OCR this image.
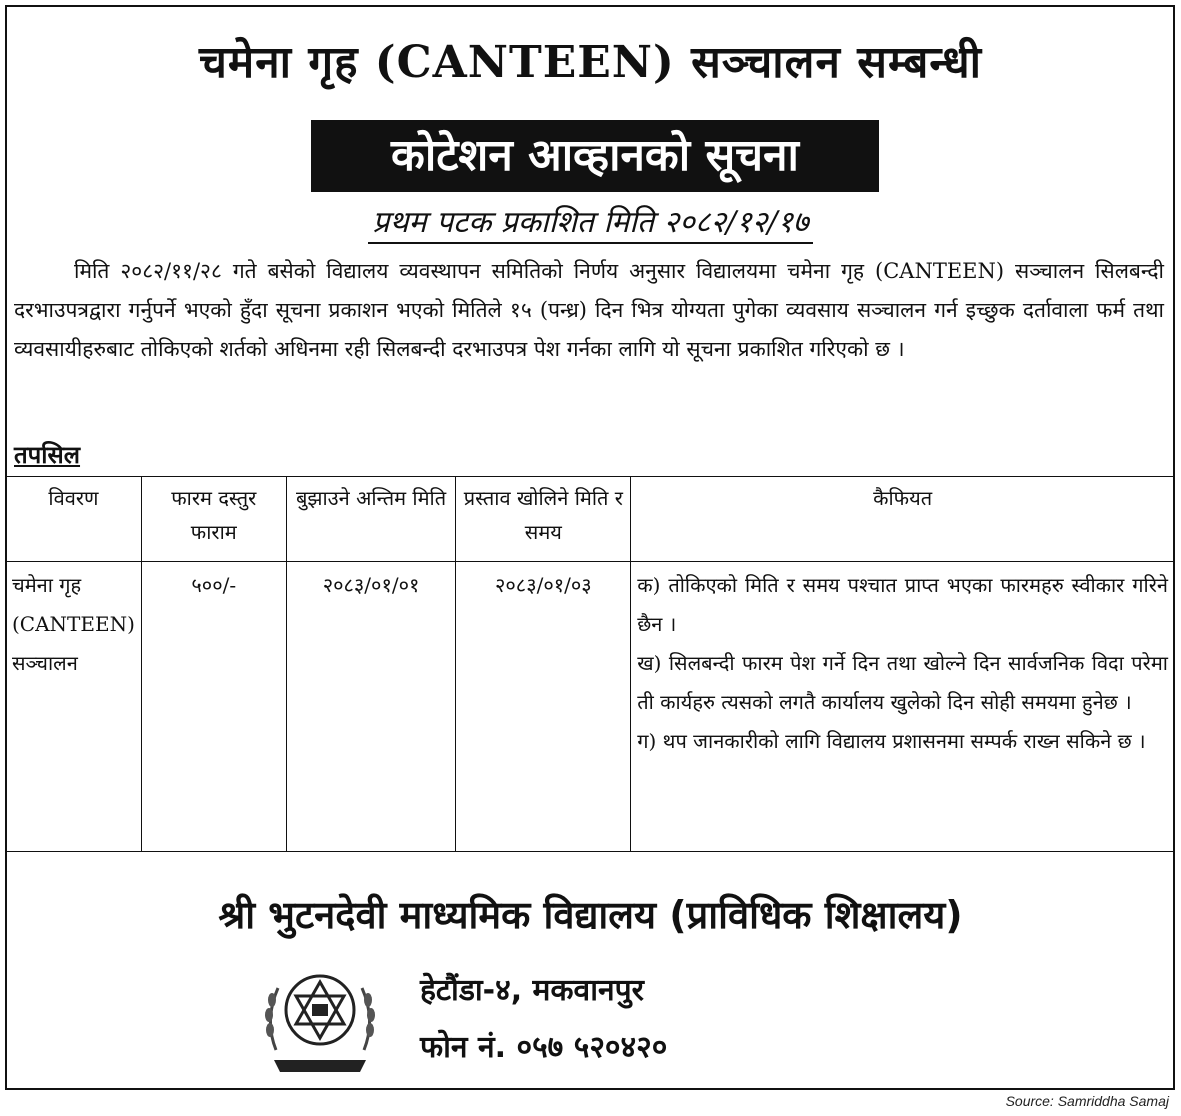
चमेना गृह (CANTEEN) सञ्चालन सम्बन्धी
कोटेशन आव्हानको सूचना
प्रथम पटक प्रकाशित मिति २०८२/१२/१७
मिति २०८२/११/२८ गते बसेको विद्यालय व्यवस्थापन समितिको निर्णय अनुसार विद्यालयमा चमेना गृह (CANTEEN) सञ्चालन सिलबन्दी दरभाउपत्रद्वारा गर्नुपर्ने भएको हुँदा सूचना प्रकाशन भएको मितिले १५ (पन्ध्र) दिन भित्र योग्यता पुगेका व्यवसाय सञ्चालन गर्न इच्छुक दर्तावाला फर्म तथा व्यवसायीहरुबाट तोकिएको शर्तको अधिनमा रही सिलबन्दी दरभाउपत्र पेश गर्नका लागि यो सूचना प्रकाशित गरिएको छ ।
तपसिल
विवरण	फारम दस्तुर फाराम	बुझाउने अन्तिम मिति	प्रस्ताव खोलिने मिति र समय	कैफियत
चमेना गृह (CANTEEN) सञ्चालन	५००/-	२०८३/०१/०१	२०८३/०१/०३	क) तोकिएको मिति र समय पश्चात प्राप्त भएका फारमहरु स्वीकार गरिने छैन ।
ख) सिलबन्दी फारम पेश गर्ने दिन तथा खोल्ने दिन सार्वजनिक विदा परेमा ती कार्यहरु त्यसको लगतै कार्यालय खुलेको दिन सोही समयमा हुनेछ ।
ग) थप जानकारीको लागि विद्यालय प्रशासनमा सम्पर्क राख्न सकिने छ ।
श्री भुटनदेवी माध्यमिक विद्यालय (प्राविधिक शिक्षालय)
हेटौंडा-४, मकवानपुर
फोन नं. ०५७ ५२०४२०
Source: Samriddha Samaj
